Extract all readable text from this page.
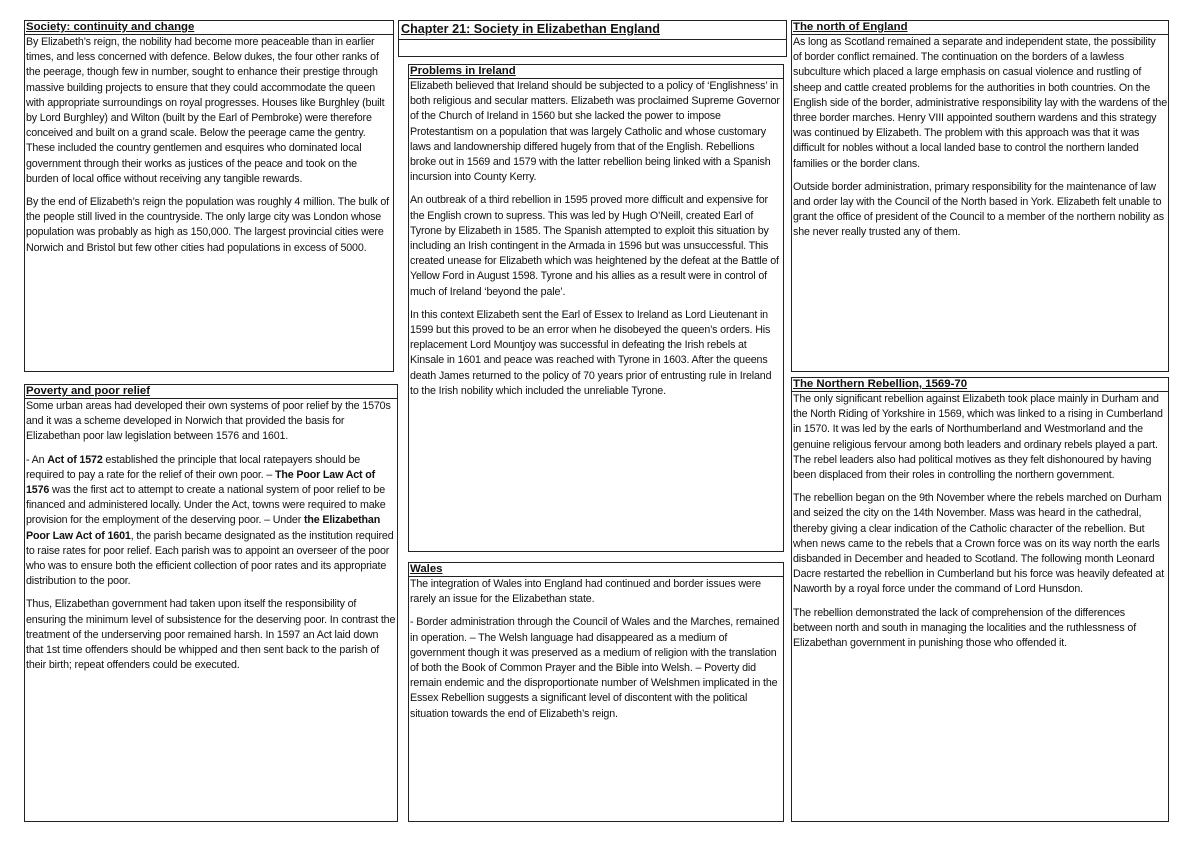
Chapter 21: Society in Elizabethan England
Society: continuity and change

By Elizabeth’s reign, the nobility had become more peaceable than in earlier times, and less concerned with defence. Below dukes, the four other ranks of the peerage, though few in number, sought to enhance their prestige through massive building projects to ensure that they could accommodate the queen with appropriate surroundings on royal progresses. Houses like Burghley (built by Lord Burghley) and Wilton (built by the Earl of Pembroke) were therefore conceived and built on a grand scale. Below the peerage came the gentry. These included the country gentlemen and esquires who dominated local government through their works as justices of the peace and took on the burden of local office without receiving any tangible rewards.

By the end of Elizabeth’s reign the population was roughly 4 million. The bulk of the people still lived in the countryside. The only large city was London whose population was probably as high as 150,000. The largest provincial cities were Norwich and Bristol but few other cities had populations in excess of 5000.

Poverty and poor relief

Some urban areas had developed their own systems of poor relief by the 1570s and it was a scheme developed in Norwich that provided the basis for Elizabethan poor law legislation between 1576 and 1601.

- An Act of 1572 established the principle that local ratepayers should be required to pay a rate for the relief of their own poor. – The Poor Law Act of 1576 was the first act to attempt to create a national system of poor relief to be financed and administered locally. Under the Act, towns were required to make provision for the employment of the deserving poor. – Under the Elizabethan Poor Law Act of 1601, the parish became designated as the institution required to raise rates for poor relief. Each parish was to appoint an overseer of the poor who was to ensure both the efficient collection of poor rates and its appropriate distribution to the poor.

Thus, Elizabethan government had taken upon itself the responsibility of ensuring the minimum level of subsistence for the deserving poor. In contrast the treatment of the underserving poor remained harsh. In 1597 an Act laid down that 1st time offenders should be whipped and then sent back to the parish of their birth; repeat offenders could be executed.

Problems in Ireland

Elizabeth believed that Ireland should be subjected to a policy of ‘Englishness’ in both religious and secular matters. Elizabeth was proclaimed Supreme Governor of the Church of Ireland in 1560 but she lacked the power to impose Protestantism on a population that was largely Catholic and whose customary laws and landownership differed hugely from that of the English. Rebellions broke out in 1569 and 1579 with the latter rebellion being linked with a Spanish incursion into County Kerry.

An outbreak of a third rebellion in 1595 proved more difficult and expensive for the English crown to supress. This was led by Hugh O’Neill, created Earl of Tyrone by Elizabeth in 1585. The Spanish attempted to exploit this situation by including an Irish contingent in the Armada in 1596 but was unsuccessful. This created unease for Elizabeth which was heightened by the defeat at the Battle of Yellow Ford in August 1598. Tyrone and his allies as a result were in control of much of Ireland ‘beyond the pale’.

In this context Elizabeth sent the Earl of Essex to Ireland as Lord Lieutenant in 1599 but this proved to be an error when he disobeyed the queen’s orders. His replacement Lord Mountjoy was successful in defeating the Irish rebels at Kinsale in 1601 and peace was reached with Tyrone in 1603. After the queens death James returned to the policy of 70 years prior of entrusting rule in Ireland to the Irish nobility which included the unreliable Tyrone.

Wales

The integration of Wales into England had continued and border issues were rarely an issue for the Elizabethan state.

- Border administration through the Council of Wales and the Marches, remained in operation. – The Welsh language had disappeared as a medium of government though it was preserved as a medium of religion with the translation of both the Book of Common Prayer and the Bible into Welsh. – Poverty did remain endemic and the disproportionate number of Welshmen implicated in the Essex Rebellion suggests a significant level of discontent with the political situation towards the end of Elizabeth’s reign.

The north of England

As long as Scotland remained a separate and independent state, the possibility of border conflict remained. The continuation on the borders of a lawless subculture which placed a large emphasis on casual violence and rustling of sheep and cattle created problems for the authorities in both countries. On the English side of the border, administrative responsibility lay with the wardens of the three border marches. Henry VIII appointed southern wardens and this strategy was continued by Elizabeth. The problem with this approach was that it was difficult for nobles without a local landed base to control the northern landed families or the border clans.

Outside border administration, primary responsibility for the maintenance of law and order lay with the Council of the North based in York. Elizabeth felt unable to grant the office of president of the Council to a member of the northern nobility as she never really trusted any of them.

The Northern Rebellion, 1569-70

The only significant rebellion against Elizabeth took place mainly in Durham and the North Riding of Yorkshire in 1569, which was linked to a rising in Cumberland in 1570. It was led by the earls of Northumberland and Westmorland and the genuine religious fervour among both leaders and ordinary rebels played a part. The rebel leaders also had political motives as they felt dishonoured by having been displaced from their roles in controlling the northern government.

The rebellion began on the 9th November where the rebels marched on Durham and seized the city on the 14th November. Mass was heard in the cathedral, thereby giving a clear indication of the Catholic character of the rebellion. But when news came to the rebels that a Crown force was on its way north the earls disbanded in December and headed to Scotland. The following month Leonard Dacre restarted the rebellion in Cumberland but his force was heavily defeated at Naworth by a royal force under the command of Lord Hunsdon.

The rebellion demonstrated the lack of comprehension of the differences between north and south in managing the localities and the ruthlessness of Elizabethan government in punishing those who offended it.
